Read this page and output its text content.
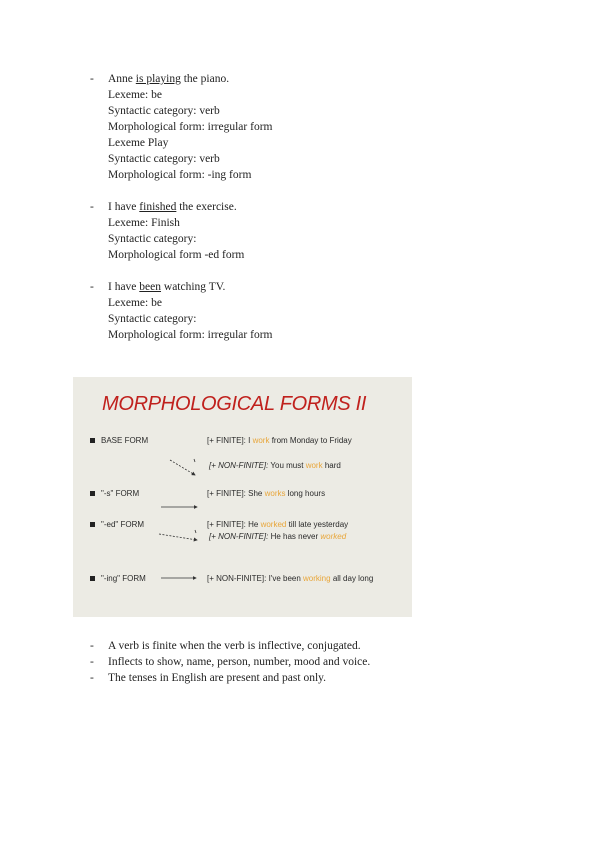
- Anne is playing the piano.
Lexeme: be
Syntactic category: verb
Morphological form: irregular form
Lexeme Play
Syntactic category: verb
Morphological form: -ing form
- I have finished the exercise.
Lexeme: Finish
Syntactic category:
Morphological form -ed form
- I have been watching TV.
Lexeme: be
Syntactic category:
Morphological form: irregular form
MORPHOLOGICAL FORMS II
BASE FORM	[+ FINITE]: I work from Monday to Friday
[+ NON-FINITE]: You must work hard
"-s" FORM	[+ FINITE]: She works long hours
"-ed" FORM	[+ FINITE]: He worked till late yesterday
[+ NON-FINITE]: He has never worked
"-ing" FORM	[+ NON-FINITE]: I've been working all day long
- A verb is finite when the verb is inflective, conjugated.
- Inflects to show, name, person, number, mood and voice.
- The tenses in English are present and past only.
